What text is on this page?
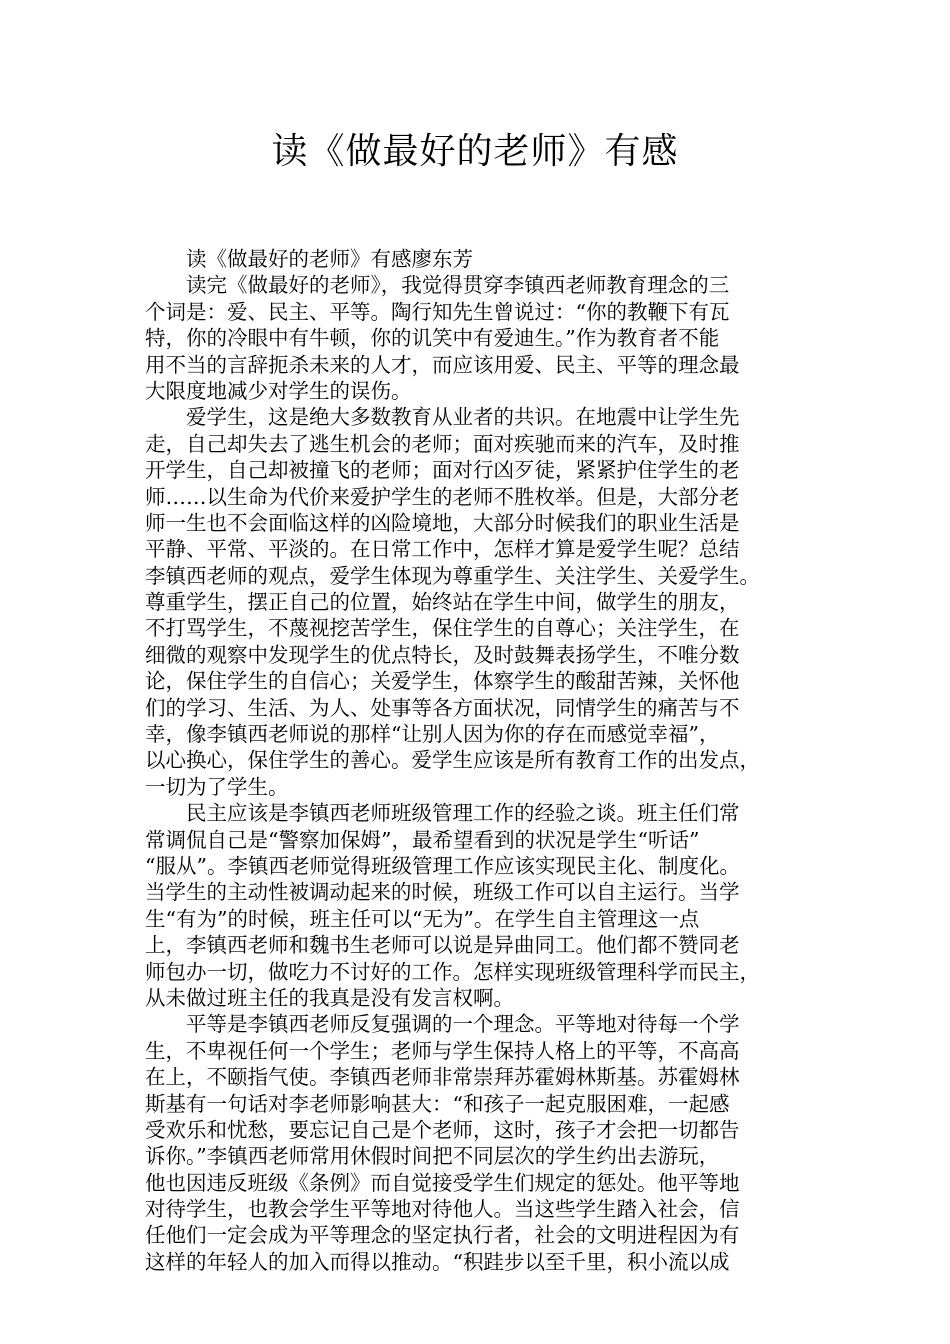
读《做最好的老师》有感
读《做最好的老师》有感廖东芳
读完《做最好的老师》，我觉得贯穿李镇西老师教育理念的三
个词是：爱、民主、平等。陶行知先生曾说过：“你的教鞭下有瓦
特，你的冷眼中有牛顿，你的讥笑中有爱迪生。”作为教育者不能
用不当的言辞扼杀未来的人才，而应该用爱、民主、平等的理念最
大限度地减少对学生的误伤。
爱学生，这是绝大多数教育从业者的共识。在地震中让学生先
走，自己却失去了逃生机会的老师；面对疾驰而来的汽车，及时推
开学生，自己却被撞飞的老师；面对行凶歹徒，紧紧护住学生的老
师……以生命为代价来爱护学生的老师不胜枚举。但是，大部分老
师一生也不会面临这样的凶险境地，大部分时候我们的职业生活是
平静、平常、平淡的。在日常工作中，怎样才算是爱学生呢？总结
李镇西老师的观点，爱学生体现为尊重学生、关注学生、关爱学生。
尊重学生，摆正自己的位置，始终站在学生中间，做学生的朋友，
不打骂学生，不蔑视挖苦学生，保住学生的自尊心；关注学生，在
细微的观察中发现学生的优点特长，及时鼓舞表扬学生，不唯分数
论，保住学生的自信心；关爱学生，体察学生的酸甜苦辣，关怀他
们的学习、生活、为人、处事等各方面状况，同情学生的痛苦与不
幸，像李镇西老师说的那样“让别人因为你的存在而感觉幸福”，
以心换心，保住学生的善心。爱学生应该是所有教育工作的出发点，
一切为了学生。
民主应该是李镇西老师班级管理工作的经验之谈。班主任们常
常调侃自己是“警察加保姆”，最希望看到的状况是学生“听话”
“服从”。李镇西老师觉得班级管理工作应该实现民主化、制度化。
当学生的主动性被调动起来的时候，班级工作可以自主运行。当学
生“有为”的时候，班主任可以“无为”。在学生自主管理这一点
上，李镇西老师和魏书生老师可以说是异曲同工。他们都不赞同老
师包办一切，做吃力不讨好的工作。怎样实现班级管理科学而民主，
从未做过班主任的我真是没有发言权啊。
平等是李镇西老师反复强调的一个理念。平等地对待每一个学
生，不卑视任何一个学生；老师与学生保持人格上的平等，不高高
在上，不颐指气使。李镇西老师非常崇拜苏霍姆林斯基。苏霍姆林
斯基有一句话对李老师影响甚大：“和孩子一起克服困难，一起感
受欢乐和忧愁，要忘记自己是个老师，这时，孩子才会把一切都告
诉你。”李镇西老师常用休假时间把不同层次的学生约出去游玩，
他也因违反班级《条例》而自觉接受学生们规定的惩处。他平等地
对待学生，也教会学生平等地对待他人。当这些学生踏入社会，信
任他们一定会成为平等理念的坚定执行者，社会的文明进程因为有
这样的年轻人的加入而得以推动。“积跬步以至千里，积小流以成
